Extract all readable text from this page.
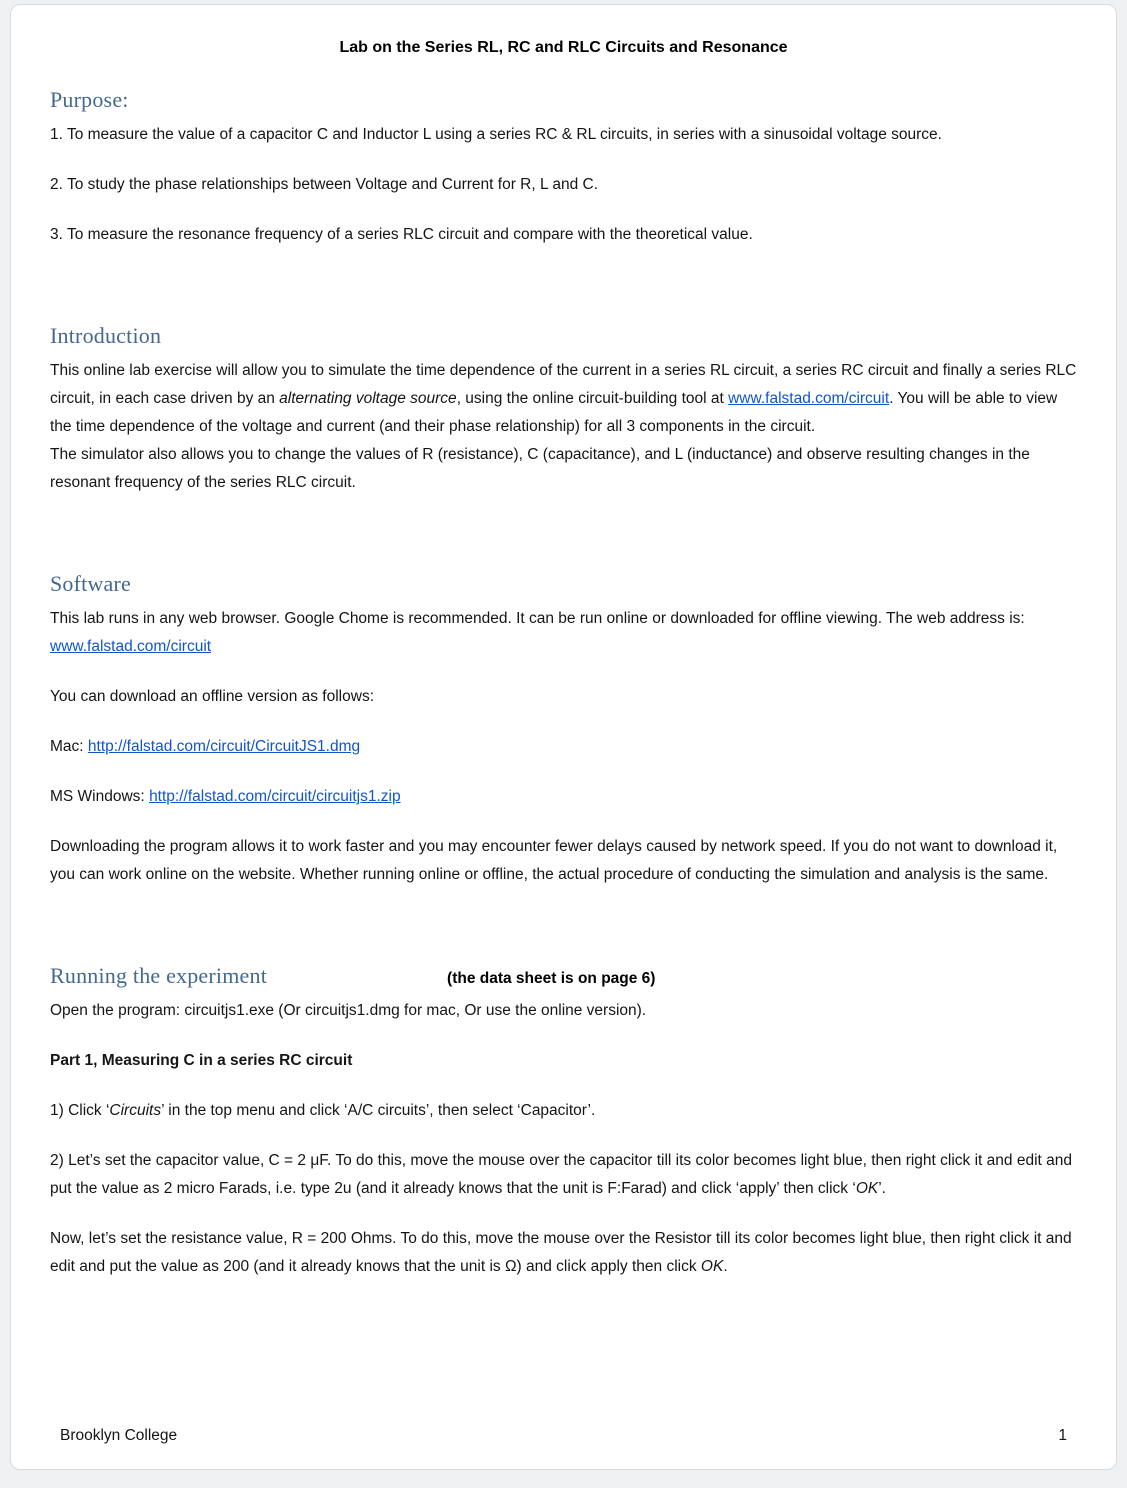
Lab on the Series RL, RC and RLC Circuits and Resonance
Purpose:

1. To measure the value of a capacitor C and Inductor L using a series RC & RL circuits, in series with a sinusoidal voltage source.

2. To study the phase relationships between Voltage and Current for R, L and C.

3. To measure the resonance frequency of a series RLC circuit and compare with the theoretical value.

Introduction

This online lab exercise will allow you to simulate the time dependence of the current in a series RL circuit, a series RC circuit and finally a series RLC circuit, in each case driven by an alternating voltage source, using the online circuit-building tool at www.falstad.com/circuit. You will be able to view the time dependence of the voltage and current (and their phase relationship) for all 3 components in the circuit.

The simulator also allows you to change the values of R (resistance), C (capacitance), and L (inductance) and observe resulting changes in the resonant frequency of the series RLC circuit.

Software

This lab runs in any web browser. Google Chome is recommended. It can be run online or downloaded for offline viewing. The web address is: www.falstad.com/circuit

You can download an offline version as follows:

Mac: http://falstad.com/circuit/CircuitJS1.dmg

MS Windows: http://falstad.com/circuit/circuitjs1.zip

Downloading the program allows it to work faster and you may encounter fewer delays caused by network speed. If you do not want to download it, you can work online on the website. Whether running online or offline, the actual procedure of conducting the simulation and analysis is the same.

Running the experiment	(the data sheet is on page 6)

Open the program: circuitjs1.exe (Or circuitjs1.dmg for mac, Or use the online version).

Part 1, Measuring C in a series RC circuit

1) Click ‘Circuits’ in the top menu and click ‘A/C circuits’, then select ‘Capacitor’.

2) Let’s set the capacitor value, C = 2 μF. To do this, move the mouse over the capacitor till its color becomes light blue, then right click it and edit and put the value as 2 micro Farads, i.e. type 2u (and it already knows that the unit is F:Farad) and click ‘apply’ then click ‘OK’.

Now, let’s set the resistance value, R = 200 Ohms. To do this, move the mouse over the Resistor till its color becomes light blue, then right click it and edit and put the value as 200 (and it already knows that the unit is Ω) and click apply then click OK.

Brooklyn College	1
